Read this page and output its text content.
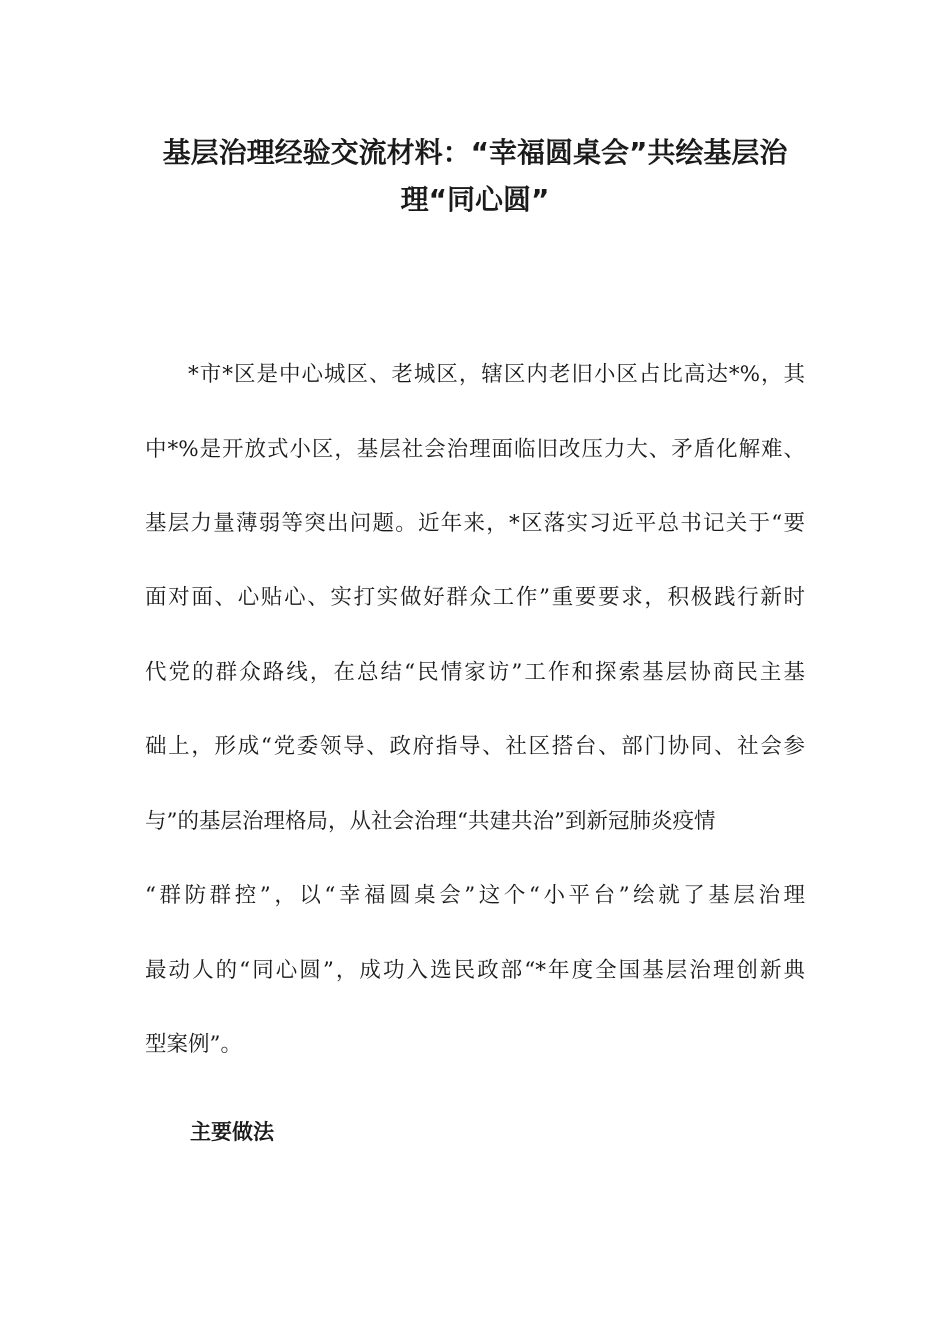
基层治理经验交流材料：“幸福圆桌会”共绘基层治
理“同心圆”
*市*区是中心城区、老城区，辖区内老旧小区占比高达*%，其
中*%是开放式小区，基层社会治理面临旧改压力大、矛盾化解难、
基层力量薄弱等突出问题。近年来，*区落实习近平总书记关于“要
面对面、心贴心、实打实做好群众工作”重要要求，积极践行新时
代党的群众路线，在总结“民情家访”工作和探索基层协商民主基
础上，形成“党委领导、政府指导、社区搭台、部门协同、社会参
与”的基层治理格局，从社会治理“共建共治”到新冠肺炎疫情
“群防群控”，以“幸福圆桌会”这个“小平台”绘就了基层治理
最动人的“同心圆”，成功入选民政部“*年度全国基层治理创新典
型案例”。
主要做法
